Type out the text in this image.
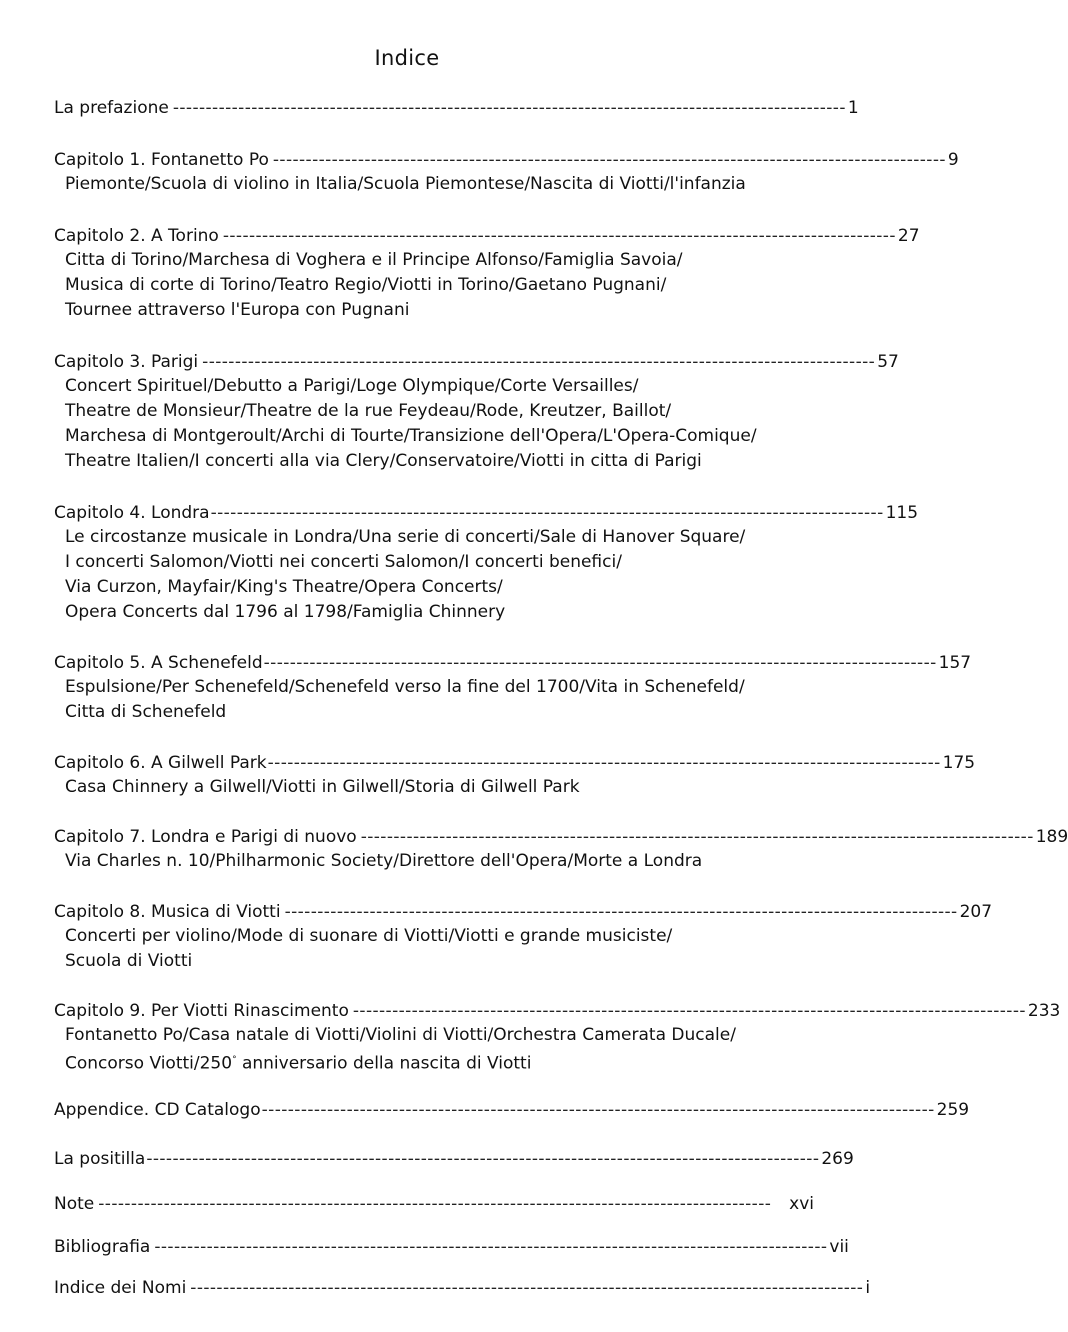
Indice
La prefazione ------------------------------------------------------------------------------------------------------- 1
Capitolo 1. Fontanetto Po ------------------------------------------------------------------------------------------------------- 9
Piemonte/Scuola di violino in Italia/Scuola Piemontese/Nascita di Viotti/l'infanzia
Capitolo 2. A Torino ------------------------------------------------------------------------------------------------------- 27
Citta di Torino/Marchesa di Voghera e il Principe Alfonso/Famiglia Savoia/
Musica di corte di Torino/Teatro Regio/Viotti in Torino/Gaetano Pugnani/
Tournee attraverso l'Europa con Pugnani
Capitolo 3. Parigi ------------------------------------------------------------------------------------------------------- 57
Concert Spirituel/Debutto a Parigi/Loge Olympique/Corte Versailles/
Theatre de Monsieur/Theatre de la rue Feydeau/Rode, Kreutzer, Baillot/
Marchesa di Montgeroult/Archi di Tourte/Transizione dell'Opera/L'Opera-Comique/
Theatre Italien/I concerti alla via Clery/Conservatoire/Viotti in citta di Parigi
Capitolo 4. Londra ------------------------------------------------------------------------------------------------------- 115
Le circostanze musicale in Londra/Una serie di concerti/Sale di Hanover Square/
I concerti Salomon/Viotti nei concerti Salomon/I concerti benefici/
Via Curzon, Mayfair/King's Theatre/Opera Concerts/
Opera Concerts dal 1796 al 1798/Famiglia Chinnery
Capitolo 5. A Schenefeld ------------------------------------------------------------------------------------------------------- 157
Espulsione/Per Schenefeld/Schenefeld verso la fine del 1700/Vita in Schenefeld/
Citta di Schenefeld
Capitolo 6. A Gilwell Park ------------------------------------------------------------------------------------------------------- 175
Casa Chinnery a Gilwell/Viotti in Gilwell/Storia di Gilwell Park
Capitolo 7. Londra e Parigi di nuovo ------------------------------------------------------------------------------------------------------- 189
Via Charles n. 10/Philharmonic Society/Direttore dell'Opera/Morte a Londra
Capitolo 8. Musica di Viotti ------------------------------------------------------------------------------------------------------- 207
Concerti per violino/Mode di suonare di Viotti/Viotti e grande musiciste/
Scuola di Viotti
Capitolo 9. Per Viotti Rinascimento ------------------------------------------------------------------------------------------------------- 233
Fontanetto Po/Casa natale di Viotti/Violini di Viotti/Orchestra Camerata Ducale/
Concorso Viotti/250° anniversario della nascita di Viotti
Appendice. CD Catalogo ------------------------------------------------------------------------------------------------------- 259
La positilla ------------------------------------------------------------------------------------------------------- 269
Note -------------------------------------------------------------------------------------------------------	xvi
Bibliografia ------------------------------------------------------------------------------------------------------- vii
Indice dei Nomi ------------------------------------------------------------------------------------------------------- i
